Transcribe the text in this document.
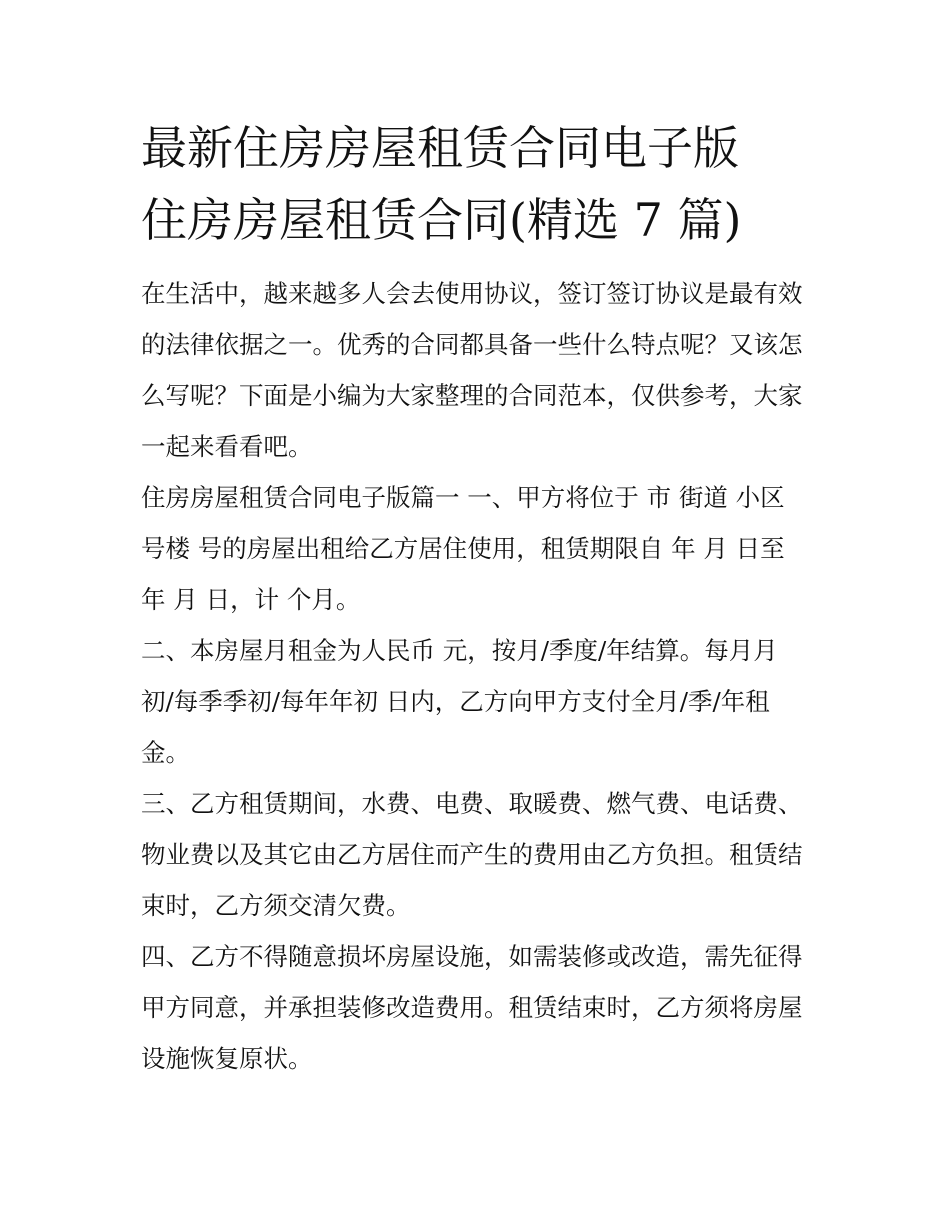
最新住房房屋租赁合同电子版
住房房屋租赁合同(精选 7 篇)

在生活中，越来越多人会去使用协议，签订签订协议是最有效
的法律依据之一。优秀的合同都具备一些什么特点呢？又该怎
么写呢？下面是小编为大家整理的合同范本，仅供参考，大家
一起来看看吧。

住房房屋租赁合同电子版篇一 一、甲方将位于 市 街道 小区
号楼 号的房屋出租给乙方居住使用，租赁期限自 年 月 日至
年 月 日，计 个月。

二、本房屋月租金为人民币 元，按月/季度/年结算。每月月
初/每季季初/每年年初 日内，乙方向甲方支付全月/季/年租
金。

三、乙方租赁期间，水费、电费、取暖费、燃气费、电话费、
物业费以及其它由乙方居住而产生的费用由乙方负担。租赁结
束时，乙方须交清欠费。

四、乙方不得随意损坏房屋设施，如需装修或改造，需先征得
甲方同意，并承担装修改造费用。租赁结束时，乙方须将房屋
设施恢复原状。
